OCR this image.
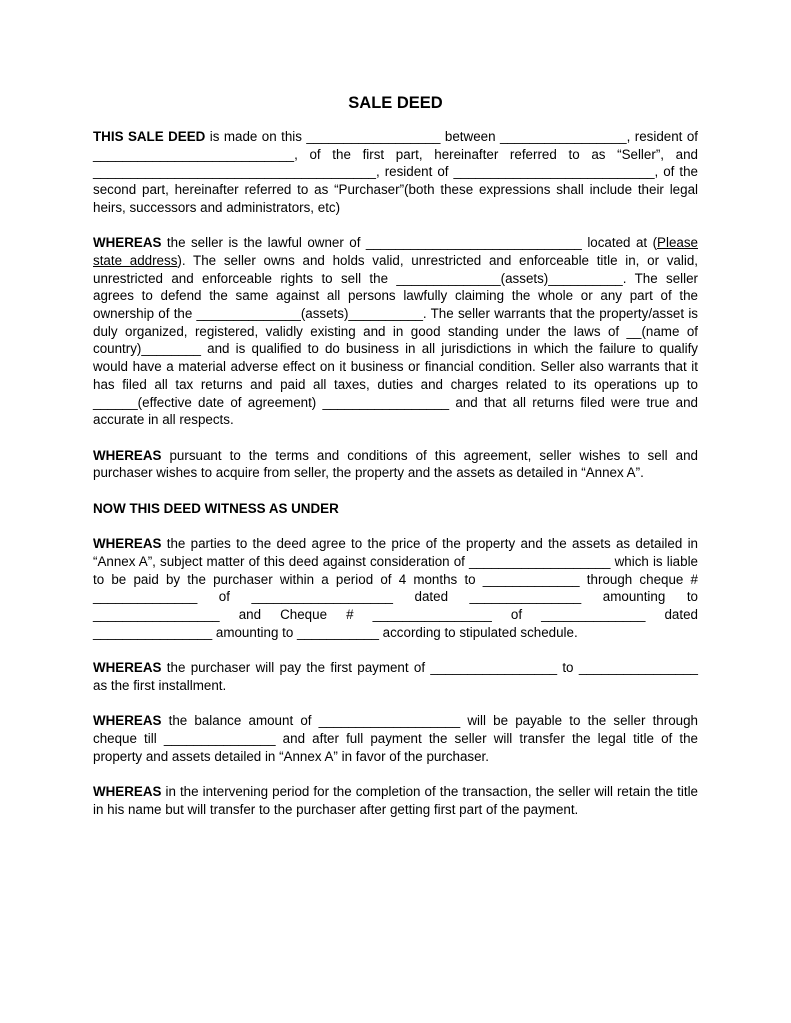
SALE DEED

THIS SALE DEED is made on this __________________ between _________________, resident of ___________________________, of the first part, hereinafter referred to as “Seller”, and ______________________________________, resident of ___________________________, of the second part, hereinafter referred to as “Purchaser”(both these expressions shall include their legal heirs, successors and administrators, etc)

WHEREAS the seller is the lawful owner of _____________________________ located at (Please state address). The seller owns and holds valid, unrestricted and enforceable title in, or valid, unrestricted and enforceable rights to sell the ______________(assets)__________. The seller agrees to defend the same against all persons lawfully claiming the whole or any part of the ownership of the ______________(assets)__________. The seller warrants that the property/asset is duly organized, registered, validly existing and in good standing under the laws of __(name of country)________ and is qualified to do business in all jurisdictions in which the failure to qualify would have a material adverse effect on it business or financial condition. Seller also warrants that it has filed all tax returns and paid all taxes, duties and charges related to its operations up to ______(effective date of agreement) _________________ and that all returns filed were true and accurate in all respects.

WHEREAS pursuant to the terms and conditions of this agreement, seller wishes to sell and purchaser wishes to acquire from seller, the property and the assets as detailed in “Annex A”.

NOW THIS DEED WITNESS AS UNDER

WHEREAS the parties to the deed agree to the price of the property and the assets as detailed in “Annex A”, subject matter of this deed against consideration of ___________________ which is liable to be paid by the purchaser within a period of 4 months to _____________ through cheque # ______________ of ___________________ dated _______________ amounting to _________________ and Cheque # ________________ of ______________ dated ________________ amounting to ___________ according to stipulated schedule.

WHEREAS the purchaser will pay the first payment of _________________ to ________________ as the first installment.

WHEREAS the balance amount of ___________________ will be payable to the seller through cheque till _______________ and after full payment the seller will transfer the legal title of the property and assets detailed in “Annex A” in favor of the purchaser.

WHEREAS in the intervening period for the completion of the transaction, the seller will retain the title in his name but will transfer to the purchaser after getting first part of the payment.
